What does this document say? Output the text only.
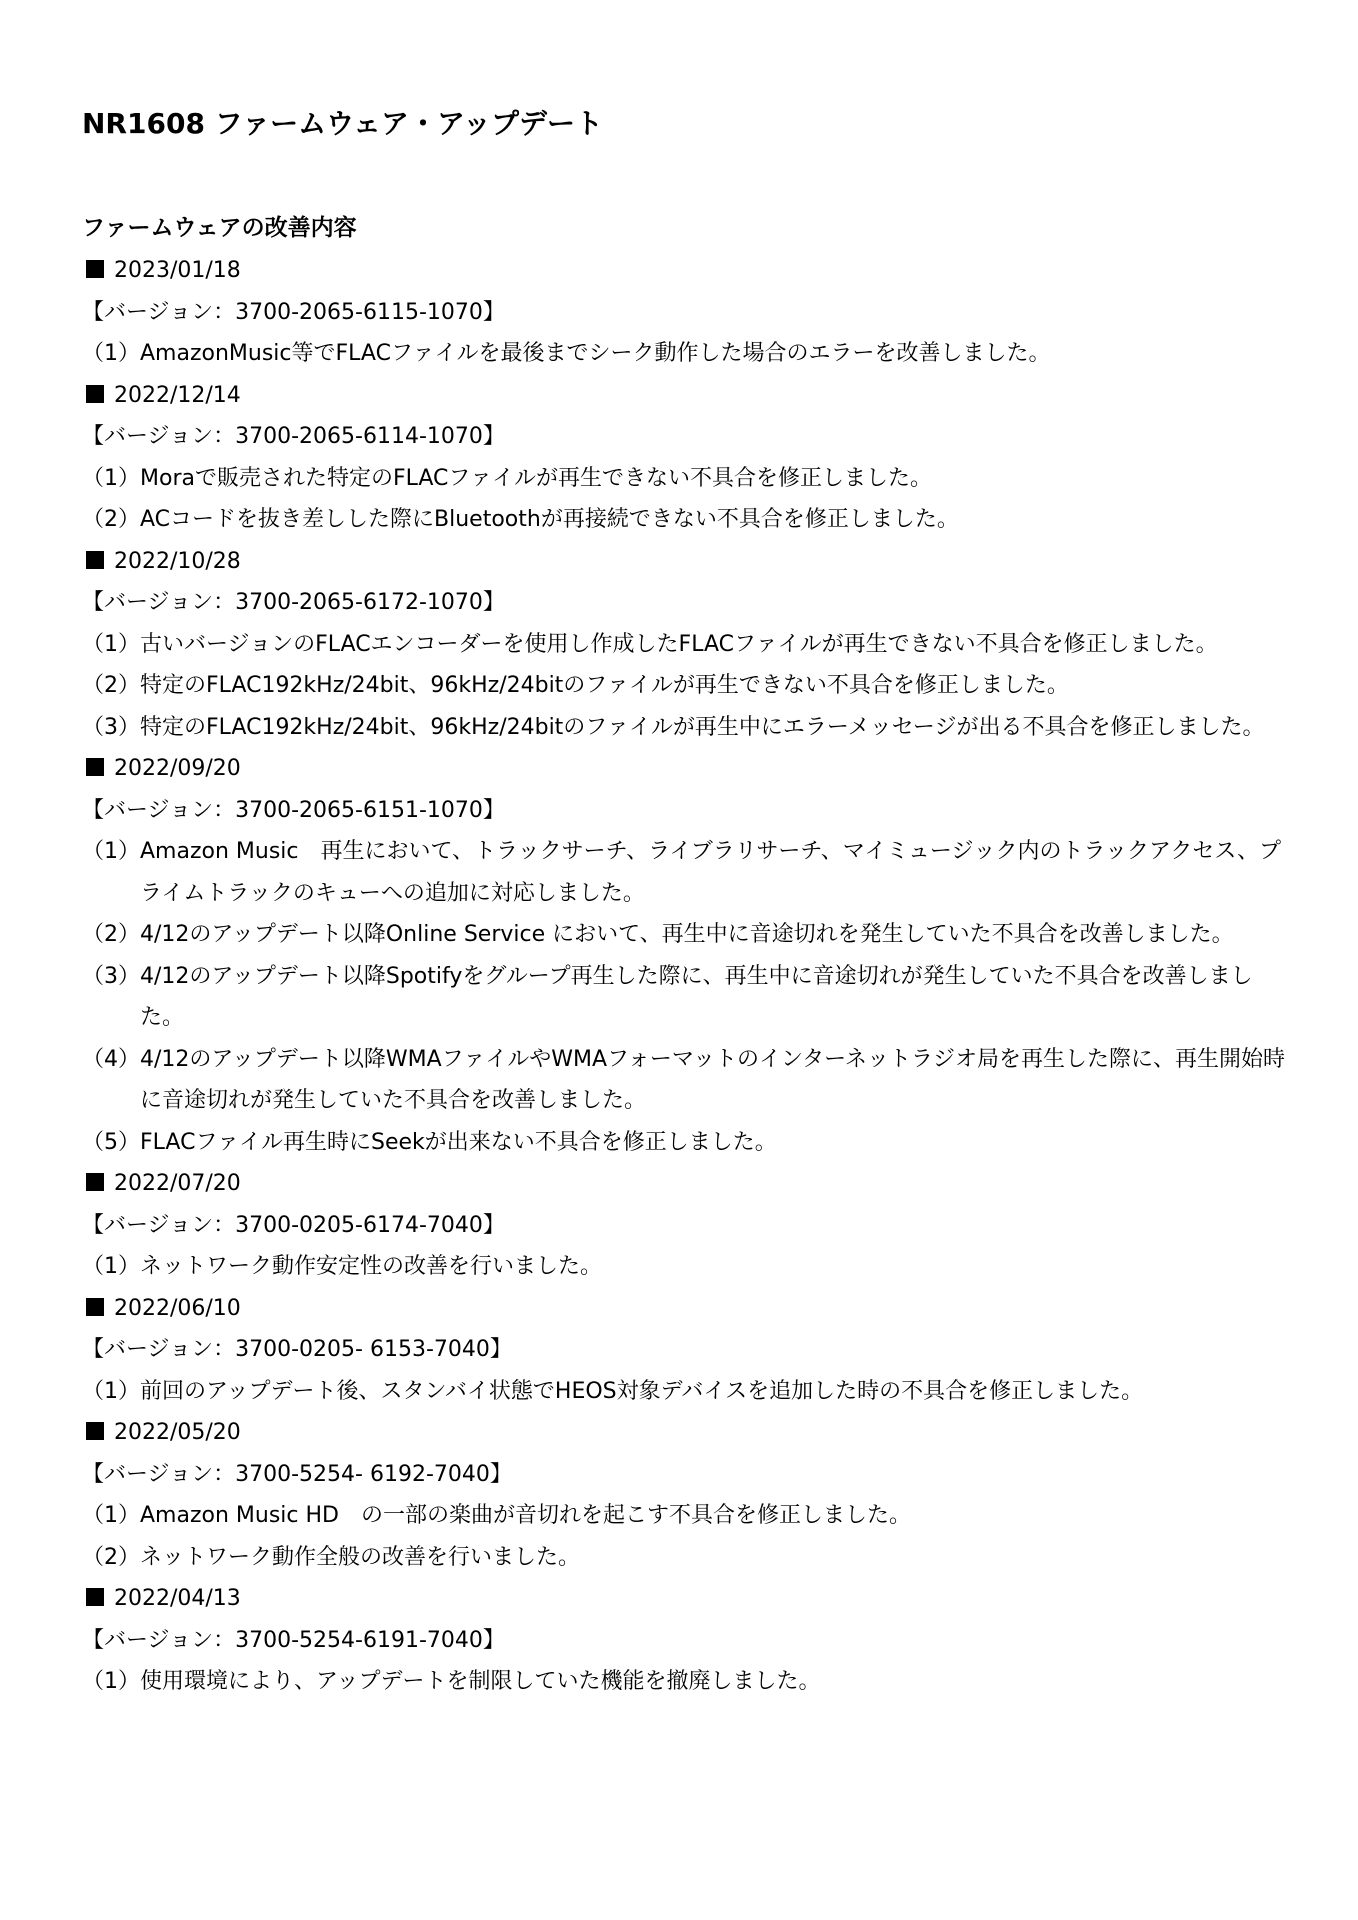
NR1608 ファームウェア・アップデート
ファームウェアの改善内容
2023/01/18
【バージョン：3700-2065-6115-1070】
（1） AmazonMusic等でFLACファイルを最後までシーク動作した場合のエラーを改善しました。
2022/12/14
【バージョン：3700-2065-6114-1070】
（1） Moraで販売された特定のFLACファイルが再生できない不具合を修正しました。
（2） ACコードを抜き差しした際にBluetoothが再接続できない不具合を修正しました。
2022/10/28
【バージョン：3700-2065-6172-1070】
（1） 古いバージョンのFLACエンコーダーを使用し作成したFLACファイルが再生できない不具合を修正しました。
（2） 特定のFLAC192kHz/24bit、96kHz/24bitのファイルが再生できない不具合を修正しました。
（3） 特定のFLAC192kHz/24bit、96kHz/24bitのファイルが再生中にエラーメッセージが出る不具合を修正しました。
2022/09/20
【バージョン：3700-2065-6151-1070】
（1） Amazon Music　再生において、トラックサーチ、ライブラリサーチ、マイミュージック内のトラックアクセス、プライムトラックのキューへの追加に対応しました。
（2） 4/12のアップデート以降Online Service において、再生中に音途切れを発生していた不具合を改善しました。
（3） 4/12のアップデート以降Spotifyをグループ再生した際に、再生中に音途切れが発生していた不具合を改善しました。
（4） 4/12のアップデート以降WMAファイルやWMAフォーマットのインターネットラジオ局を再生した際に、再生開始時に音途切れが発生していた不具合を改善しました。
（5） FLACファイル再生時にSeekが出来ない不具合を修正しました。
2022/07/20
【バージョン：3700-0205-6174-7040】
（1） ネットワーク動作安定性の改善を行いました。
2022/06/10
【バージョン：3700-0205- 6153-7040】
（1） 前回のアップデート後、スタンバイ状態でHEOS対象デバイスを追加した時の不具合を修正しました。
2022/05/20
【バージョン：3700-5254- 6192-7040】
（1） Amazon Music HD　の一部の楽曲が音切れを起こす不具合を修正しました。
（2） ネットワーク動作全般の改善を行いました。
2022/04/13
【バージョン：3700-5254-6191-7040】
（1） 使用環境により、アップデートを制限していた機能を撤廃しました。
